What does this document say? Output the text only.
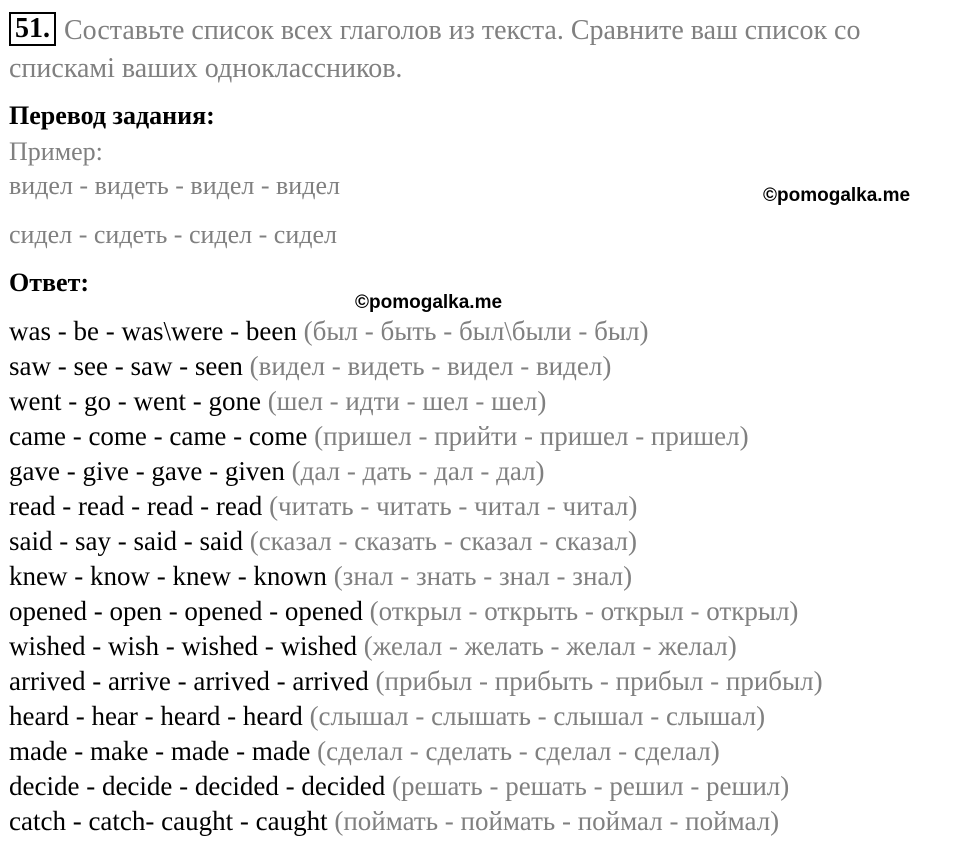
51. Составьте список всех глаголов из текста. Сравните ваш список со спискамі ваших одноклассников.
Перевод задания:
Пример:
видел - видеть - видел - видел
сидел - сидеть - сидел - сидел
©pomogalka.me
Ответ:
©pomogalka.me
was - be - was\were - been (был - быть - был\были - был)
saw - see - saw - seen (видел - видеть - видел - видел)
went - go - went - gone (шел - идти - шел - шел)
came - come - came - come (пришел - прийти - пришел - пришел)
gave - give - gave - given (дал - дать - дал - дал)
read - read - read - read (читать - читать - читал - читал)
said - say - said - said (сказал - сказать - сказал - сказал)
knew - know - knew - known (знал - знать - знал - знал)
opened - open - opened - opened (открыл - открыть - открыл - открыл)
wished - wish - wished - wished (желал - желать - желал - желал)
arrived - arrive - arrived - arrived (прибыл - прибыть - прибыл - прибыл)
heard - hear - heard - heard (слышал - слышать - слышал - слышал)
made - make - made - made (сделал - сделать - сделал - сделал)
decide - decide - decided - decided (решать - решать - решил - решил)
catch - catch- caught - caught (поймать - поймать - поймал - поймал)
